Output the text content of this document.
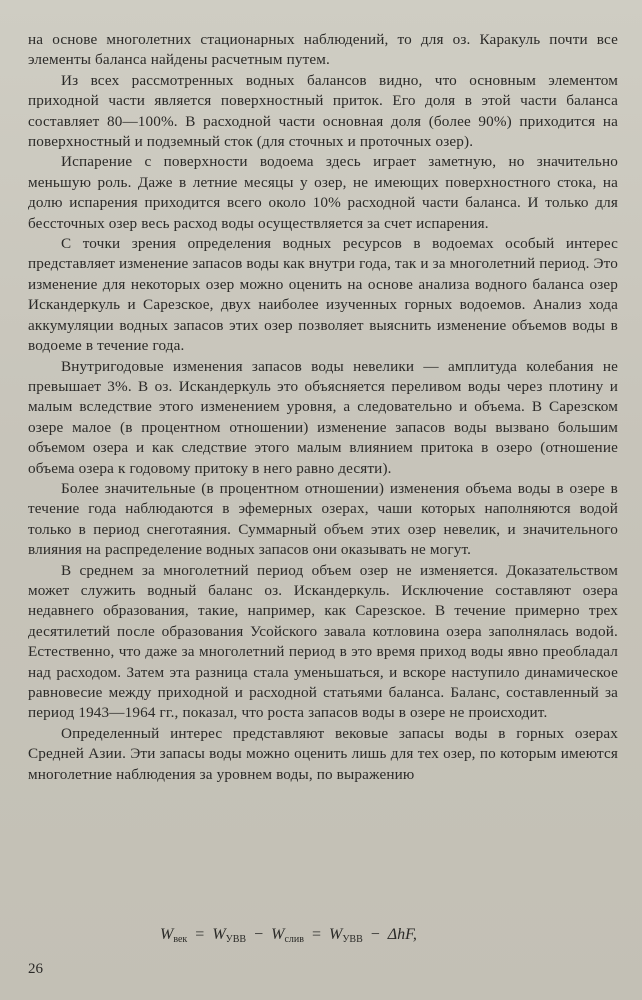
на основе многолетних стационарных наблюдений, то для оз. Каракуль почти все элементы баланса найдены расчетным путем.

Из всех рассмотренных водных балансов видно, что основным элементом приходной части является поверхностный приток. Его доля в этой части баланса составляет 80—100%. В расходной части основная доля (более 90%) приходится на поверхностный и подземный сток (для сточных и проточных озер).

Испарение с поверхности водоема здесь играет заметную, но значительно меньшую роль. Даже в летние месяцы у озер, не имеющих поверхностного стока, на долю испарения приходится всего около 10% расходной части баланса. И только для бессточных озер весь расход воды осуществляется за счет испарения.

С точки зрения определения водных ресурсов в водоемах особый интерес представляет изменение запасов воды как внутри года, так и за многолетний период. Это изменение для некоторых озер можно оценить на основе анализа водного баланса озер Искандеркуль и Сарезское, двух наиболее изученных горных водоемов. Анализ хода аккумуляции водных запасов этих озер позволяет выяснить изменение объемов воды в водоеме в течение года.

Внутригодовые изменения запасов воды невелики — амплитуда колебания не превышает 3%. В оз. Искандеркуль это объясняется переливом воды через плотину и малым вследствие этого изменением уровня, а следовательно и объема. В Сарезском озере малое (в процентном отношении) изменение запасов воды вызвано большим объемом озера и как следствие этого малым влиянием притока в озеро (отношение объема озера к годовому притоку в него равно десяти).

Более значительные (в процентном отношении) изменения объема воды в озере в течение года наблюдаются в эфемерных озерах, чаши которых наполняются водой только в период снеготаяния. Суммарный объем этих озер невелик, и значительного влияния на распределение водных запасов они оказывать не могут.

В среднем за многолетний период объем озер не изменяется. Доказательством может служить водный баланс оз. Искандеркуль. Исключение составляют озера недавнего образования, такие, например, как Сарезское. В течение примерно трех десятилетий после образования Усойского завала котловина озера заполнялась водой. Естественно, что даже за многолетний период в это время приход воды явно преобладал над расходом. Затем эта разница стала уменьшаться, и вскоре наступило динамическое равновесие между приходной и расходной статьями баланса. Баланс, составленный за период 1943—1964 гг., показал, что роста запасов воды в озере не происходит.

Определенный интерес представляют вековые запасы воды в горных озерах Средней Азии. Эти запасы воды можно оценить лишь для тех озер, по которым имеются многолетние наблюдения за уровнем воды, по выражению

$W_{век} = W_{УВВ} - W_{слив} = W_{УВВ} - \Delta hF$,
26
